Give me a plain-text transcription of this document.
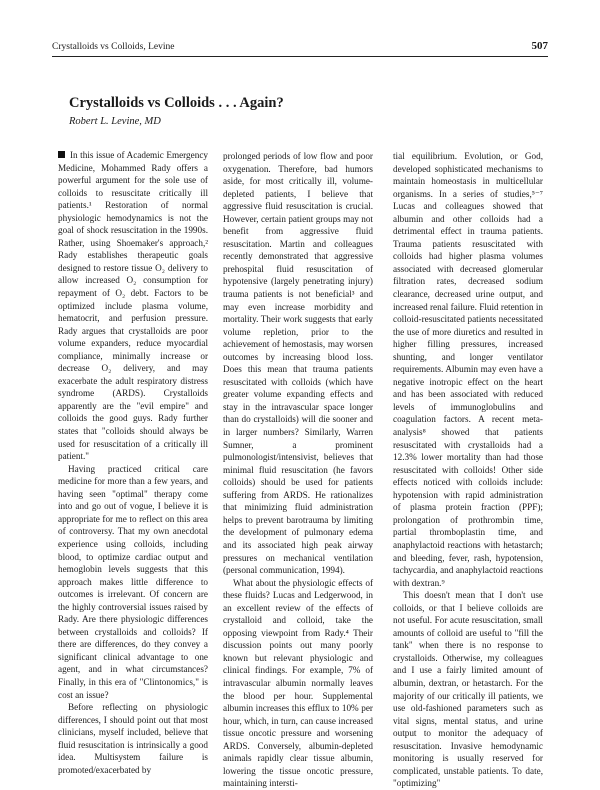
Crystalloids vs Colloids, Levine	507
Crystalloids vs Colloids . . . Again?
Robert L. Levine, MD

In this issue of Academic Emergency Medicine, Mohammed Rady offers a powerful argument for the sole use of colloids to resuscitate critically ill patients.¹ Restoration of normal physiologic hemodynamics is not the goal of shock resuscitation in the 1990s. Rather, using Shoemaker's approach,² Rady establishes therapeutic goals designed to restore tissue O₂ delivery to allow increased O₂ consumption for repayment of O₂ debt. Factors to be optimized include plasma volume, hematocrit, and perfusion pressure. Rady argues that crystalloids are poor volume expanders, reduce myocardial compliance, minimally increase or decrease O₂ delivery, and may exacerbate the adult respiratory distress syndrome (ARDS). Crystalloids apparently are the "evil empire" and colloids the good guys. Rady further states that "colloids should always be used for resuscitation of a critically ill patient."

Having practiced critical care medicine for more than a few years, and having seen "optimal" therapy come into and go out of vogue, I believe it is appropriate for me to reflect on this area of controversy. That my own anecdotal experience using colloids, including blood, to optimize cardiac output and hemoglobin levels suggests that this approach makes little difference to outcomes is irrelevant. Of concern are the highly controversial issues raised by Rady. Are there physiologic differences between crystalloids and colloids? If there are differences, do they convey a significant clinical advantage to one agent, and in what circumstances? Finally, in this era of "Clintonomics," is cost an issue?

Before reflecting on physiologic differences, I should point out that most clinicians, myself included, believe that fluid resuscitation is intrinsically a good idea. Multisystem failure is promoted/exacerbated by

prolonged periods of low flow and poor oxygenation. Therefore, bad humors aside, for most critically ill, volume-depleted patients, I believe that aggressive fluid resuscitation is crucial. However, certain patient groups may not benefit from aggressive fluid resuscitation. Martin and colleagues recently demonstrated that aggressive prehospital fluid resuscitation of hypotensive (largely penetrating injury) trauma patients is not beneficial³ and may even increase morbidity and mortality. Their work suggests that early volume repletion, prior to the achievement of hemostasis, may worsen outcomes by increasing blood loss. Does this mean that trauma patients resuscitated with colloids (which have greater volume expanding effects and stay in the intravascular space longer than do crystalloids) will die sooner and in larger numbers? Similarly, Warren Sumner, a prominent pulmonologist/intensivist, believes that minimal fluid resuscitation (he favors colloids) should be used for patients suffering from ARDS. He rationalizes that minimizing fluid administration helps to prevent barotrauma by limiting the development of pulmonary edema and its associated high peak airway pressures on mechanical ventilation (personal communication, 1994).

What about the physiologic effects of these fluids? Lucas and Ledgerwood, in an excellent review of the effects of crystalloid and colloid, take the opposing viewpoint from Rady.⁴ Their discussion points out many poorly known but relevant physiologic and clinical findings. For example, 7% of intravascular albumin normally leaves the blood per hour. Supplemental albumin increases this efflux to 10% per hour, which, in turn, can cause increased tissue oncotic pressure and worsening ARDS. Conversely, albumin-depleted animals rapidly clear tissue albumin, lowering the tissue oncotic pressure, maintaining intersti-

tial equilibrium. Evolution, or God, developed sophisticated mechanisms to maintain homeostasis in multicellular organisms. In a series of studies,⁵⁻⁷ Lucas and colleagues showed that albumin and other colloids had a detrimental effect in trauma patients. Trauma patients resuscitated with colloids had higher plasma volumes associated with decreased glomerular filtration rates, decreased sodium clearance, decreased urine output, and increased renal failure. Fluid retention in colloid-resuscitated patients necessitated the use of more diuretics and resulted in higher filling pressures, increased shunting, and longer ventilator requirements. Albumin may even have a negative inotropic effect on the heart and has been associated with reduced levels of immunoglobulins and coagulation factors. A recent meta-analysis⁸ showed that patients resuscitated with crystalloids had a 12.3% lower mortality than had those resuscitated with colloids! Other side effects noticed with colloids include: hypotension with rapid administration of plasma protein fraction (PPF); prolongation of prothrombin time, partial thromboplastin time, and anaphylactoid reactions with hetastarch; and bleeding, fever, rash, hypotension, tachycardia, and anaphylactoid reactions with dextran.⁹

This doesn't mean that I don't use colloids, or that I believe colloids are not useful. For acute resuscitation, small amounts of colloid are useful to "fill the tank" when there is no response to crystalloids. Otherwise, my colleagues and I use a fairly limited amount of albumin, dextran, or hetastarch. For the majority of our critically ill patients, we use old-fashioned parameters such as vital signs, mental status, and urine output to monitor the adequacy of resuscitation. Invasive hemodynamic monitoring is usually reserved for complicated, unstable patients. To date, "optimizing"
